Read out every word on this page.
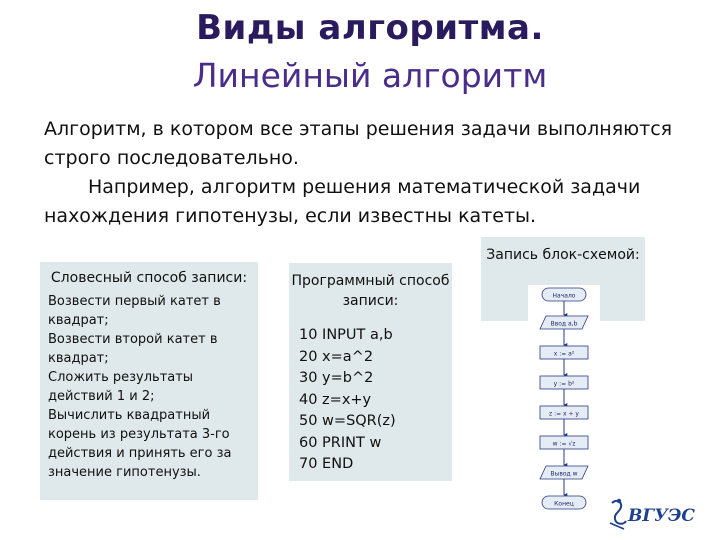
Виды алгоритма.
Линейный алгоритм

Алгоритм, в котором все этапы решения задачи выполняются строго последовательно.

Например, алгоритм решения математической задачи нахождения гипотенузы, если известны катеты.

Словесный способ записи:
Возвести первый катет в квадрат;
Возвести второй катет в квадрат;
Сложить результаты действий 1 и 2;
Вычислить квадратный корень из результата 3-го действия и принять его за значение гипотенузы.
Программный способ записи:
10 INPUT a,b
20 x=a^2
30 y=b^2
40 z=x+y
50 w=SQR(z)
60 PRINT w
70 END
Запись блок-схемой:
Начало
Ввод a,b
x := a²
y := b²
z := x + y
w := √z
Вывод w
Конец
ВГУЭС
